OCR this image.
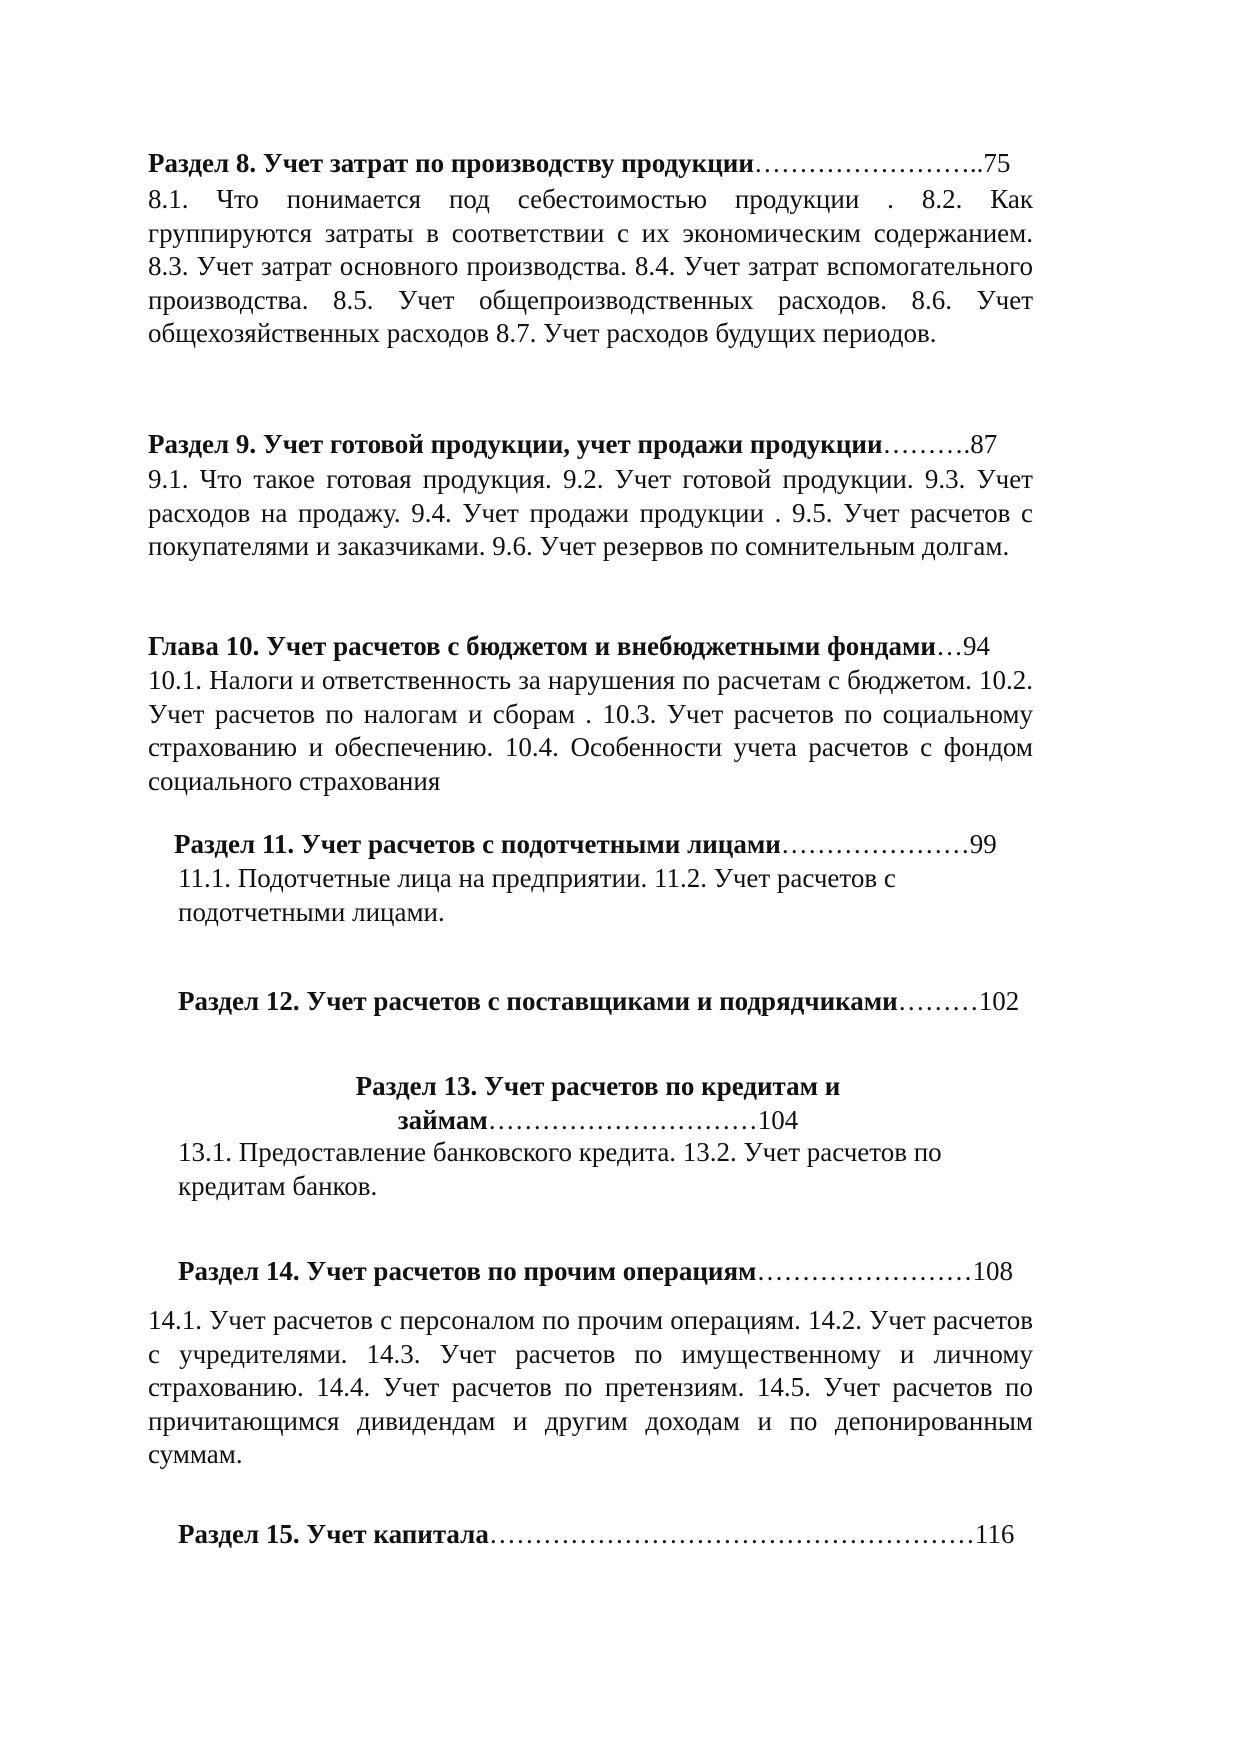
Раздел 8. Учет затрат по производству продукции……………………..75
8.1. Что понимается под себестоимостью продукции . 8.2. Как группируются затраты в соответствии с их экономическим содержанием. 8.3. Учет затрат основного производства. 8.4. Учет затрат вспомогательного производства. 8.5. Учет общепроизводственных расходов. 8.6. Учет общехозяйственных расходов 8.7. Учет расходов будущих периодов.
Раздел 9. Учет готовой продукции, учет продажи продукции……….87
9.1. Что такое готовая продукция. 9.2. Учет готовой продукции. 9.3. Учет расходов на продажу. 9.4. Учет продажи продукции . 9.5. Учет расчетов с покупателями и заказчиками. 9.6. Учет резервов по сомнительным долгам.
Глава 10. Учет расчетов с бюджетом и внебюджетными фондами…94
10.1. Налоги и ответственность за нарушения по расчетам с бюджетом. 10.2. Учет расчетов по налогам и сборам . 10.3. Учет расчетов по социальному страхованию и обеспечению. 10.4. Особенности учета расчетов с фондом социального страхования
Раздел 11. Учет расчетов с подотчетными лицами…………………99
11.1. Подотчетные лица на предприятии. 11.2. Учет расчетов с подотчетными лицами.
Раздел 12. Учет расчетов с поставщиками и подрядчиками………102
Раздел 13. Учет расчетов по кредитам и
займам…………………………104
13.1. Предоставление банковского кредита. 13.2. Учет расчетов по кредитам банков.
Раздел 14. Учет расчетов по прочим операциям……………………108
14.1. Учет расчетов с персоналом по прочим операциям. 14.2. Учет расчетов с учредителями. 14.3. Учет расчетов по имущественному и личному страхованию. 14.4. Учет расчетов по претензиям. 14.5. Учет расчетов по причитающимся дивидендам и другим доходам и по депонированным суммам.
Раздел 15. Учет капитала………………………………………………116
